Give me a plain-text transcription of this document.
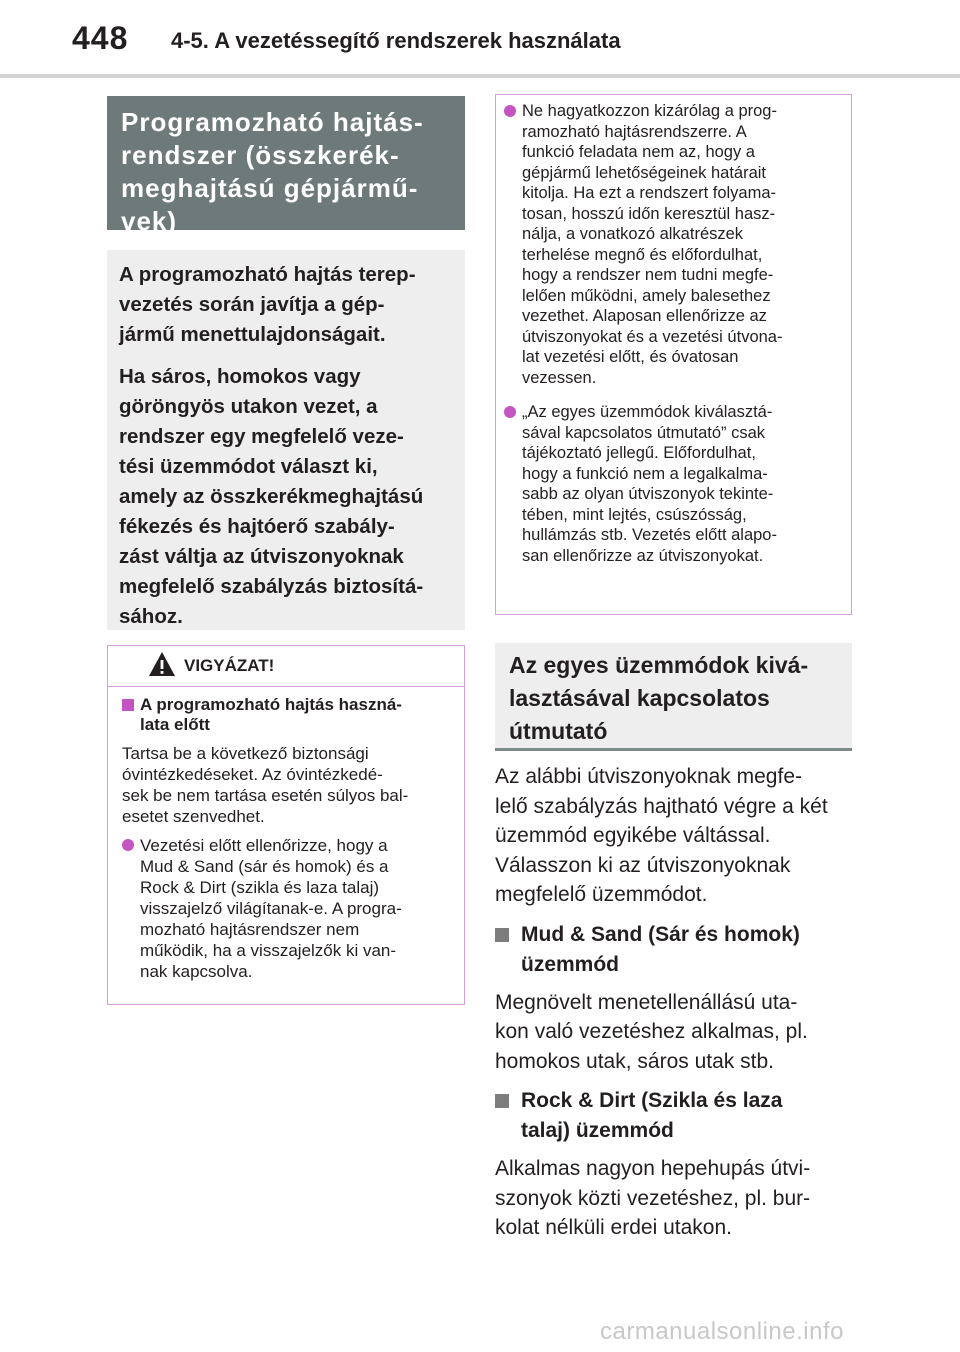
448 4-5. A vezetéssegítő rendszerek használata
Programozható hajtás-
rendszer (összkerék-
meghajtású gépjármű-
vek)

A programozható hajtás terep-
vezetés során javítja a gép-
jármű menettulajdonságait.

Ha sáros, homokos vagy
göröngyös utakon vezet, a
rendszer egy megfelelő veze-
tési üzemmódot választ ki,
amely az összkerékmeghajtású
fékezés és hajtóerő szabály-
zást váltja az útviszonyoknak
megfelelő szabályzás biztosítá-
sához.

VIGYÁZAT!
A programozható hajtás haszná-
lata előtt
Tartsa be a következő biztonsági
óvintézkedéseket. Az óvintézkedé-
sek be nem tartása esetén súlyos bal-
esetet szenvedhet.
Vezetési előtt ellenőrizze, hogy a
Mud & Sand (sár és homok) és a
Rock & Dirt (szikla és laza talaj)
visszajelző világítanak-e. A progra-
mozható hajtásrendszer nem
működik, ha a visszajelzők ki van-
nak kapcsolva.
Ne hagyatkozzon kizárólag a prog-
ramozható hajtásrendszerre. A
funkció feladata nem az, hogy a
gépjármű lehetőségeinek határait
kitolja. Ha ezt a rendszert folyama-
tosan, hosszú időn keresztül hasz-
nálja, a vonatkozó alkatrészek
terhelése megnő és előfordulhat,
hogy a rendszer nem tudni megfe-
lelően működni, amely balesethez
vezethet. Alaposan ellenőrizze az
útviszonyokat és a vezetési útvona-
lat vezetési előtt, és óvatosan
vezessen.
„Az egyes üzemmódok kiválasztá-
sával kapcsolatos útmutató” csak
tájékoztató jellegű. Előfordulhat,
hogy a funkció nem a legalkalma-
sabb az olyan útviszonyok tekinte-
tében, mint lejtés, csúszósság,
hullámzás stb. Vezetés előtt alapo-
san ellenőrizze az útviszonyokat.
Az egyes üzemmódok kivá-
lasztásával kapcsolatos
útmutató
Az alábbi útviszonyoknak megfe-
lelő szabályzás hajtható végre a két
üzemmód egyikébe váltással.
Válasszon ki az útviszonyoknak
megfelelő üzemmódot.
Mud & Sand (Sár és homok)
üzemmód
Megnövelt menetellenállású uta-
kon való vezetéshez alkalmas, pl.
homokos utak, sáros utak stb.
Rock & Dirt (Szikla és laza
talaj) üzemmód
Alkalmas nagyon hepehupás útvi-
szonyok közti vezetéshez, pl. bur-
kolat nélküli erdei utakon.
carmanualsonline.info
